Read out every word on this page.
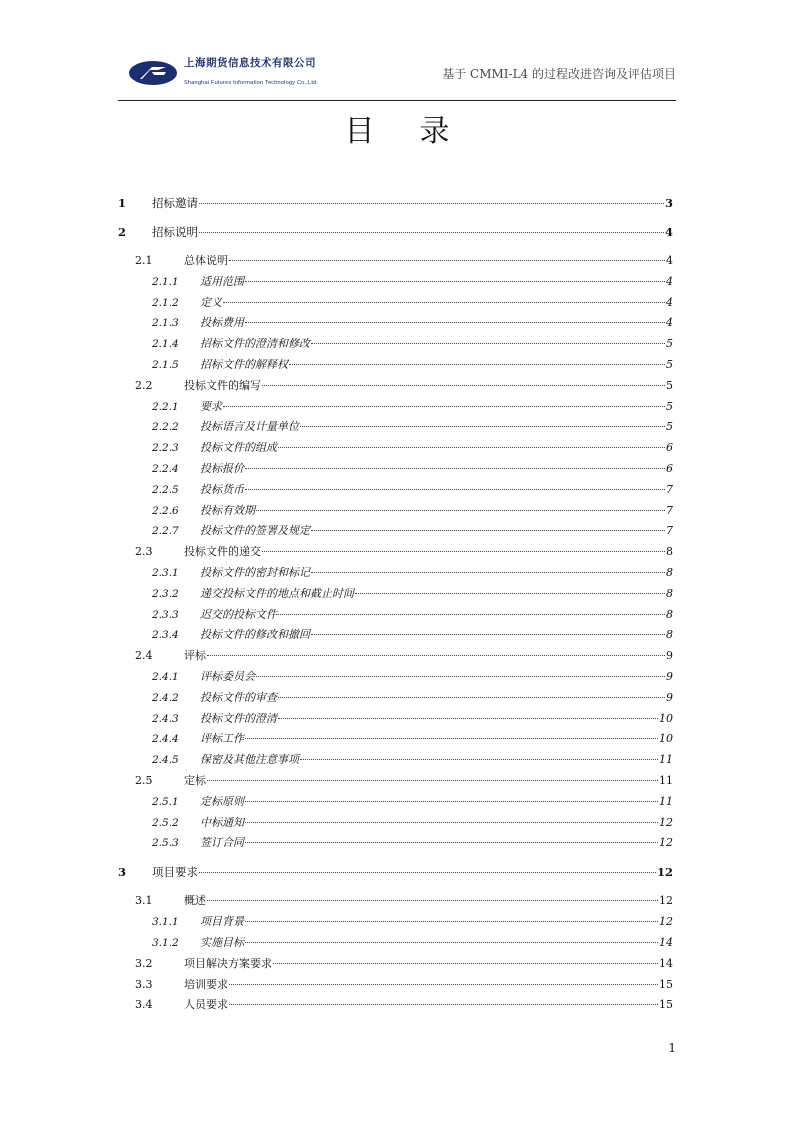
上海期货信息技术有限公司
Shanghai Futures Information Technology Co.,Ltd.
基于 CMMI-L4 的过程改进咨询及评估项目
目 录
1	招标邀请	3
2	招标说明	4
2.1	总体说明	4
2.1.1	适用范围	4
2.1.2	定义	4
2.1.3	投标费用	4
2.1.4	招标文件的澄清和修改	5
2.1.5	招标文件的解释权	5
2.2	投标文件的编写	5
2.2.1	要求	5
2.2.2	投标语言及计量单位	5
2.2.3	投标文件的组成	6
2.2.4	投标报价	6
2.2.5	投标货币	7
2.2.6	投标有效期	7
2.2.7	投标文件的签署及规定	7
2.3	投标文件的递交	8
2.3.1	投标文件的密封和标记	8
2.3.2	递交投标文件的地点和截止时间	8
2.3.3	迟交的投标文件	8
2.3.4	投标文件的修改和撤回	8
2.4	评标	9
2.4.1	评标委员会	9
2.4.2	投标文件的审查	9
2.4.3	投标文件的澄清	10
2.4.4	评标工作	10
2.4.5	保密及其他注意事项	11
2.5	定标	11
2.5.1	定标原则	11
2.5.2	中标通知	12
2.5.3	签订合同	12
3	项目要求	12
3.1	概述	12
3.1.1	项目背景	12
3.1.2	实施目标	14
3.2	项目解决方案要求	14
3.3	培训要求	15
3.4	人员要求	15
1
